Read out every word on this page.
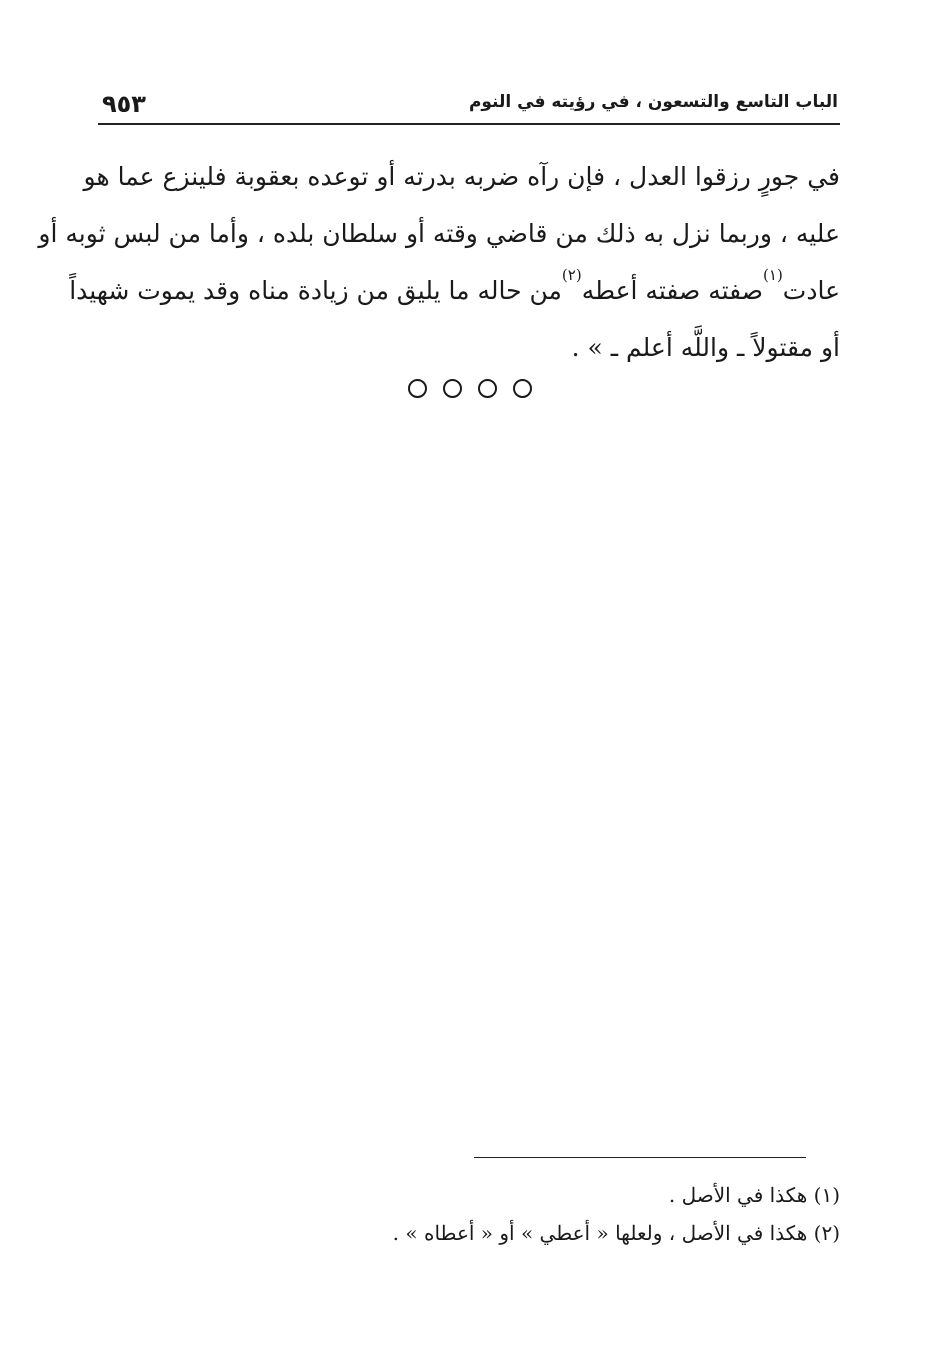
الباب التاسع والتسعون ، في رؤيته في النوم
٩٥٣
في جورٍ رزقوا العدل ، فإن رآه ضربه بدرته أو توعده بعقوبة فلينزع عما هو
عليه ، وربما نزل به ذلك من قاضي وقته أو سلطان بلده ، وأما من لبس ثوبه أو
عادت$^{(١)}$صفته صفته أعطه$^{(٢)}$من حاله ما يليق من زيادة مناه وقد يموت شهيداً
أو مقتولاً ـ واللَّه أعلم ـ » .
(١) هكذا في الأصل .
(٢) هكذا في الأصل ، ولعلها « أعطي » أو « أعطاه » .
